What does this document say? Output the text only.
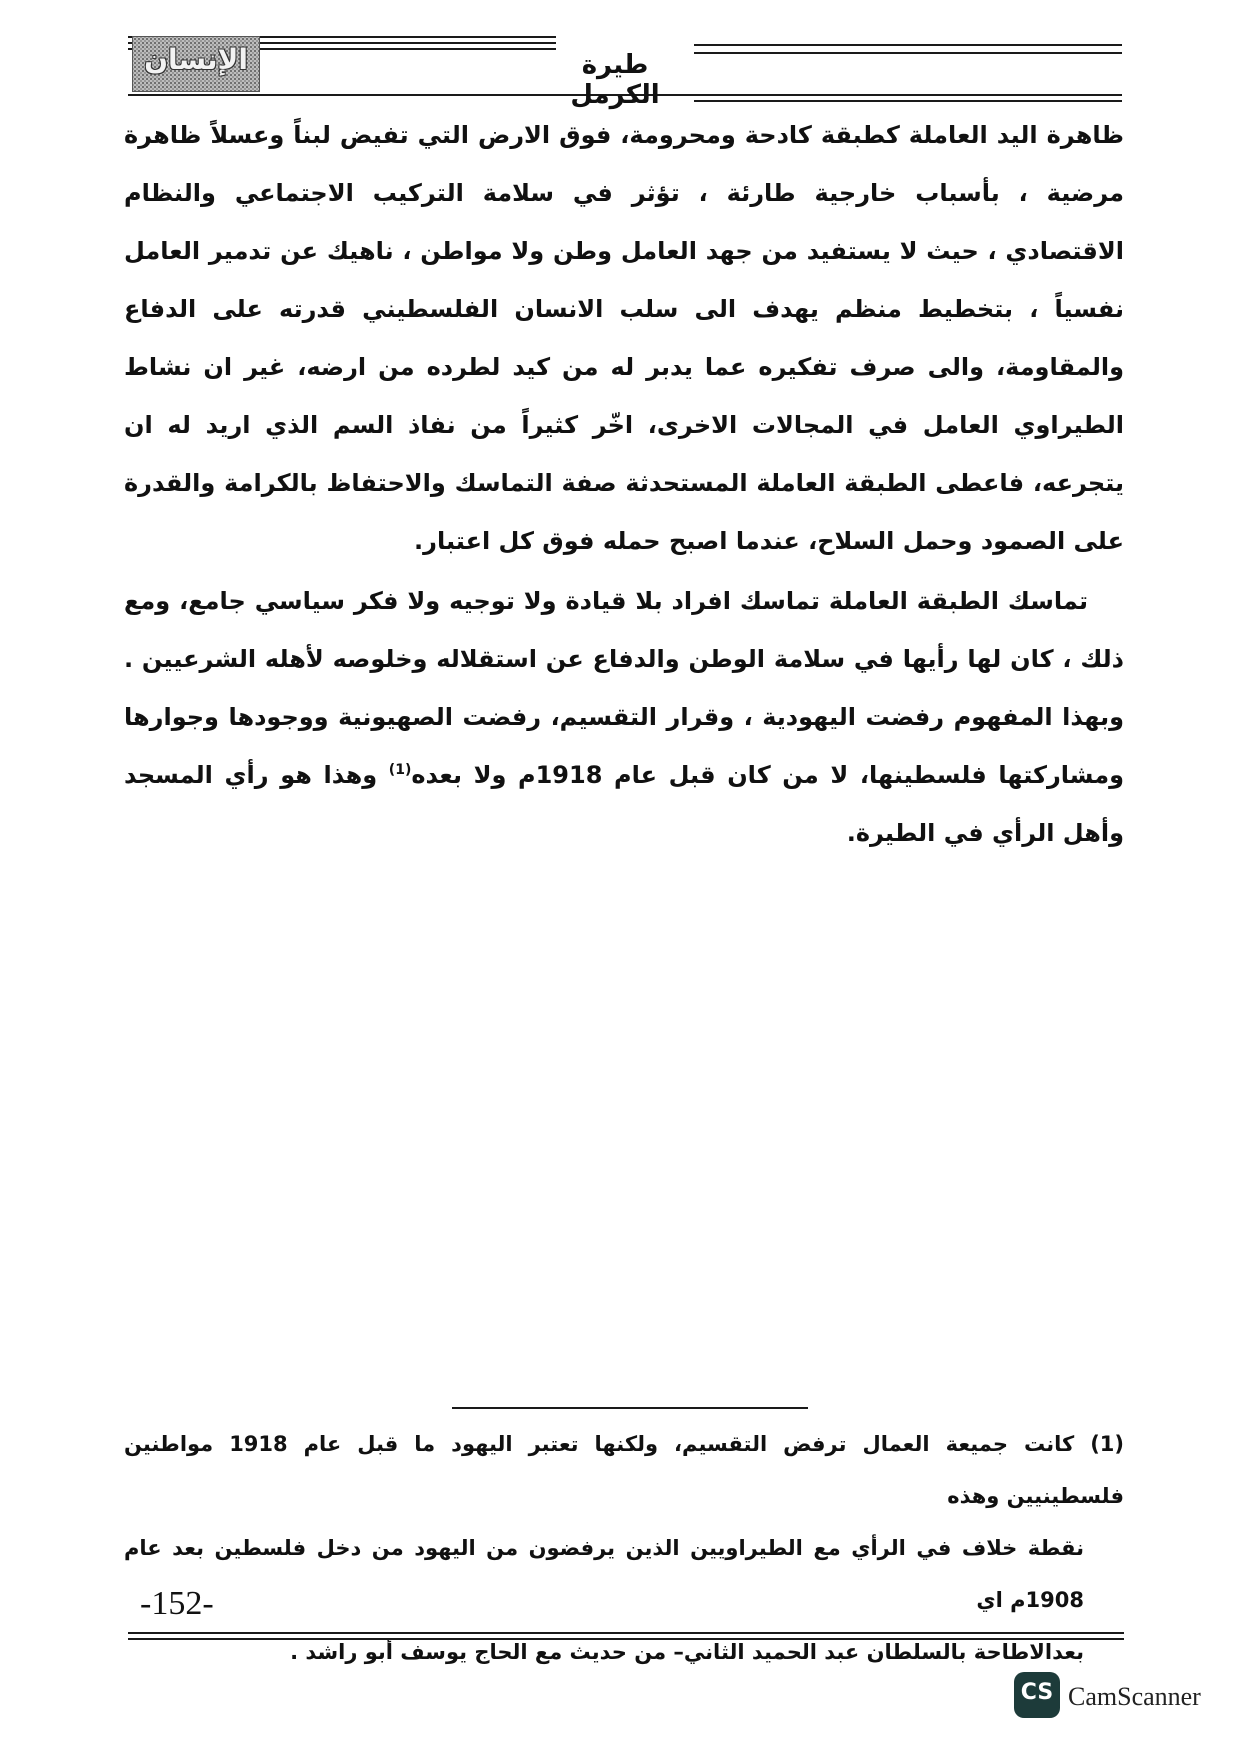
الإنسان	طيرة الكرمل

ظاهرة اليد العاملة كطبقة كادحة ومحرومة، فوق الارض التي تفيض لبناً وعسلاً ظاهرة مرضية ، بأسباب خارجية طارئة ، تؤثر في سلامة التركيب الاجتماعي والنظام الاقتصادي ، حيث لا يستفيد من جهد العامل وطن ولا مواطن ، ناهيك عن تدمير العامل نفسياً ، بتخطيط منظم يهدف الى سلب الانسان الفلسطيني قدرته على الدفاع والمقاومة، والى صرف تفكيره عما يدبر له من كيد لطرده من ارضه، غير ان نشاط الطيراوي العامل في المجالات الاخرى، اخّر كثيراً من نفاذ السم الذي اريد له ان يتجرعه، فاعطى الطبقة العاملة المستحدثة صفة التماسك والاحتفاظ بالكرامة والقدرة على الصمود وحمل السلاح، عندما اصبح حمله فوق كل اعتبار.

تماسك الطبقة العاملة تماسك افراد بلا قيادة ولا توجيه ولا فكر سياسي جامع، ومع ذلك ، كان لها رأيها في سلامة الوطن والدفاع عن استقلاله وخلوصه لأهله الشرعيين . وبهذا المفهوم رفضت اليهودية ، وقرار التقسيم، رفضت الصهيونية ووجودها وجوارها ومشاركتها فلسطينها، لا من كان قبل عام 1918م ولا بعده$^{(1)}$ وهذا هو رأي المسجد وأهل الرأي في الطيرة.

(1) كانت جميعة العمال ترفض التقسيم، ولكنها تعتبر اليهود ما قبل عام 1918 مواطنين فلسطينيين وهذه
نقطة خلاف في الرأي مع الطيراويين الذين يرفضون من اليهود من دخل فلسطين بعد عام 1908م اي
بعدالاطاحة بالسلطان عبد الحميد الثاني– من حديث مع الحاج يوسف أبو راشد .
-152-
CS CamScanner
